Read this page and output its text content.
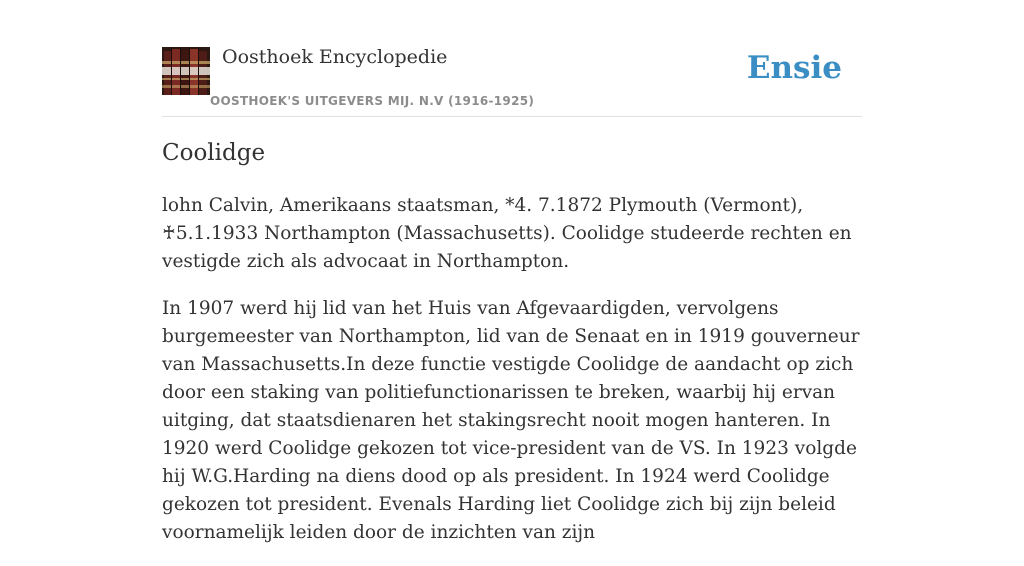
Oosthoek Encyclopedie
OOSTHOEK'S UITGEVERS MIJ. N.V (1916-1925)
Ensie
Coolidge

lohn Calvin, Amerikaans staatsman, *4. 7.1872 Plymouth (Vermont), ♰5.1.1933 Northampton (Massachusetts). Coolidge studeerde rechten en vestigde zich als advocaat in Northampton.

In 1907 werd hij lid van het Huis van Afgevaardigden, vervolgens burgemeester van Northampton, lid van de Senaat en in 1919 gouverneur van Massachusetts.In deze functie vestigde Coolidge de aandacht op zich door een staking van politiefunctionarissen te breken, waarbij hij ervan uitging, dat staatsdienaren het stakingsrecht nooit mogen hanteren. In 1920 werd Coolidge gekozen tot vice-president van de VS. In 1923 volgde hij W.G.Harding na diens dood op als president. In 1924 werd Coolidge gekozen tot president. Evenals Harding liet Coolidge zich bij zijn beleid voornamelijk leiden door de inzichten van zijn
